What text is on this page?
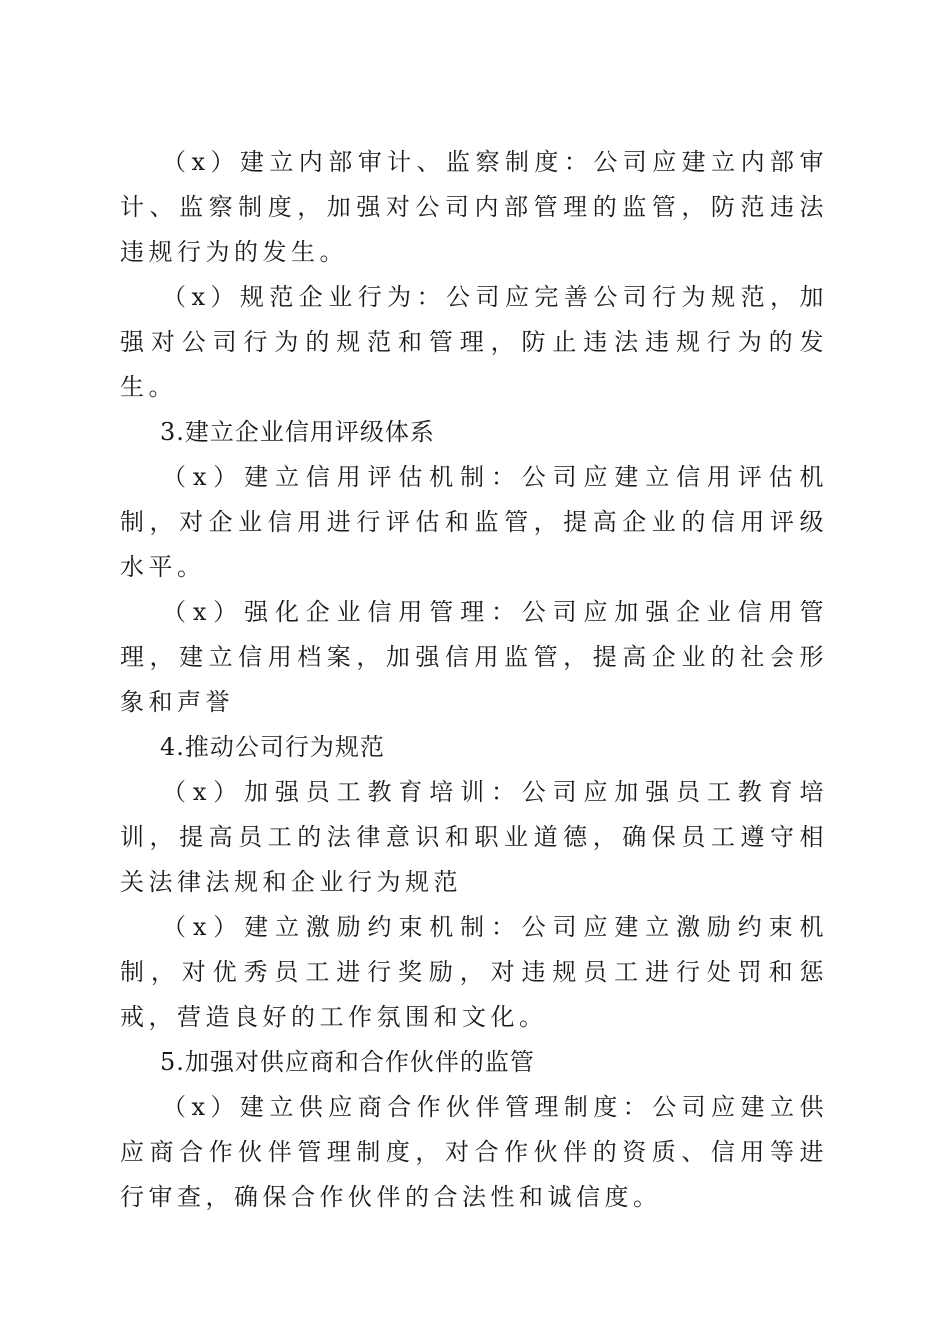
（x）建立内部审计、监察制度：公司应建立内部审计、监察制度，加强对公司内部管理的监管，防范违法违规行为的发生。

（x）规范企业行为：公司应完善公司行为规范，加强对公司行为的规范和管理，防止违法违规行为的发生。

3.建立企业信用评级体系

（x）建立信用评估机制：公司应建立信用评估机制，对企业信用进行评估和监管，提高企业的信用评级水平。

（x）强化企业信用管理：公司应加强企业信用管理，建立信用档案，加强信用监管，提高企业的社会形象和声誉

4.推动公司行为规范

（x）加强员工教育培训：公司应加强员工教育培训，提高员工的法律意识和职业道德，确保员工遵守相关法律法规和企业行为规范

（x）建立激励约束机制：公司应建立激励约束机制，对优秀员工进行奖励，对违规员工进行处罚和惩戒，营造良好的工作氛围和文化。

5.加强对供应商和合作伙伴的监管

（x）建立供应商合作伙伴管理制度：公司应建立供应商合作伙伴管理制度，对合作伙伴的资质、信用等进行审查，确保合作伙伴的合法性和诚信度。
